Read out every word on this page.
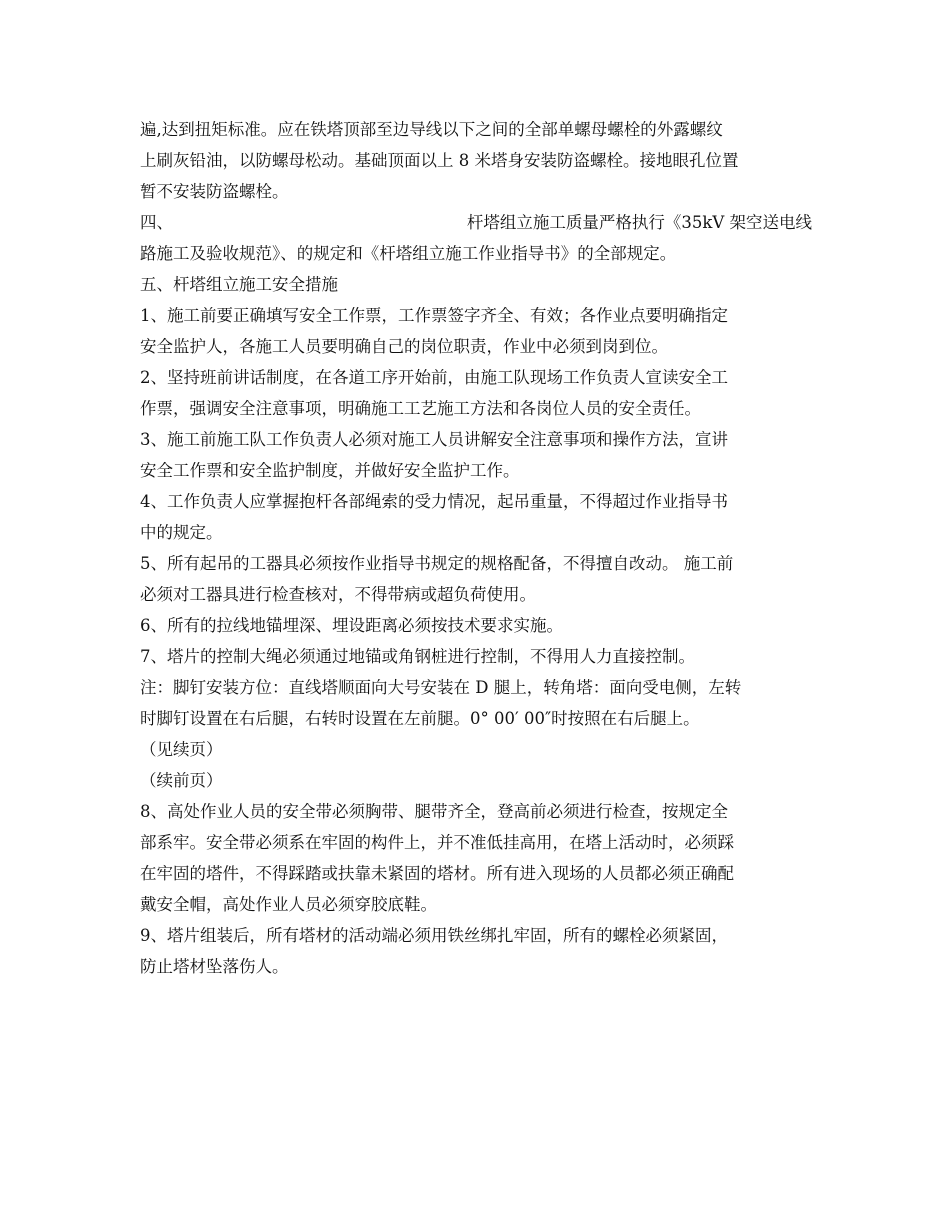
遍,达到扭矩标准。应在铁塔顶部至边导线以下之间的全部单螺母螺栓的外露螺纹
上刷灰铅油，以防螺母松动。基础顶面以上 8 米塔身安装防盗螺栓。接地眼孔位置
暂不安装防盗螺栓。
四、	杆塔组立施工质量严格执行《35kV 架空送电线
路施工及验收规范》、的规定和《杆塔组立施工作业指导书》的全部规定。
五、杆塔组立施工安全措施
1、施工前要正确填写安全工作票，工作票签字齐全、有效；各作业点要明确指定
安全监护人，各施工人员要明确自己的岗位职责，作业中必须到岗到位。
2、坚持班前讲话制度，在各道工序开始前，由施工队现场工作负责人宣读安全工
作票，强调安全注意事项，明确施工工艺施工方法和各岗位人员的安全责任。
3、施工前施工队工作负责人必须对施工人员讲解安全注意事项和操作方法，宣讲
安全工作票和安全监护制度，并做好安全监护工作。
4、工作负责人应掌握抱杆各部绳索的受力情况，起吊重量，不得超过作业指导书
中的规定。
5、所有起吊的工器具必须按作业指导书规定的规格配备，不得擅自改动。 施工前
必须对工器具进行检查核对，不得带病或超负荷使用。
6、所有的拉线地锚埋深、埋设距离必须按技术要求实施。
7、塔片的控制大绳必须通过地锚或角钢桩进行控制，不得用人力直接控制。
注：脚钉安装方位：直线塔顺面向大号安装在 D 腿上，转角塔：面向受电侧，左转
时脚钉设置在右后腿，右转时设置在左前腿。0° 00′ 00″时按照在右后腿上。
（见续页）
（续前页）
8、高处作业人员的安全带必须胸带、腿带齐全，登高前必须进行检查，按规定全
部系牢。安全带必须系在牢固的构件上，并不准低挂高用，在塔上活动时，必须踩
在牢固的塔件，不得踩踏或扶靠未紧固的塔材。所有进入现场的人员都必须正确配
戴安全帽，高处作业人员必须穿胶底鞋。
9、塔片组装后，所有塔材的活动端必须用铁丝绑扎牢固，所有的螺栓必须紧固，
防止塔材坠落伤人。
